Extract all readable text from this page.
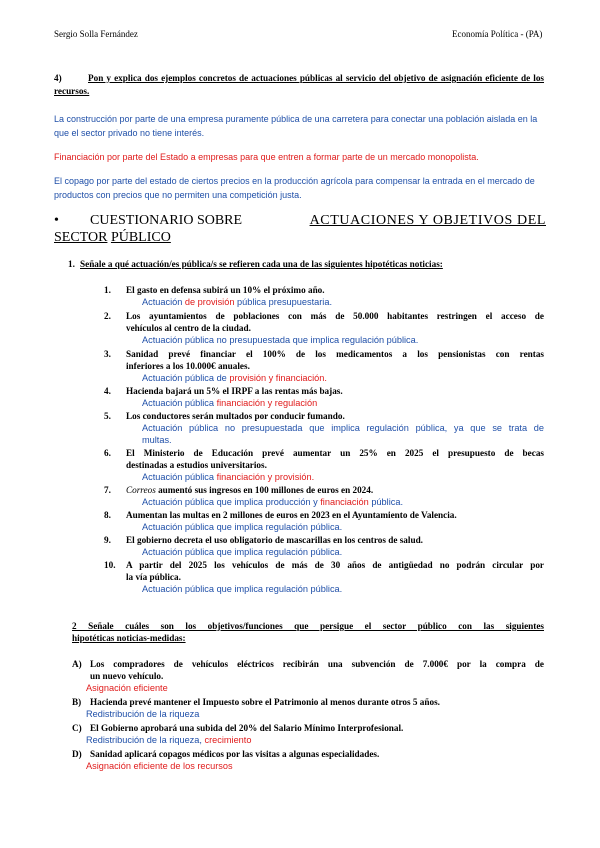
Sergio Solla Fernández	Economía Política - (PA)
4)	Pon y explica dos ejemplos concretos de actuaciones públicas al servicio del objetivo de asignación eficiente de los recursos.
La construcción por parte de una empresa puramente pública de una carretera para conectar una población aislada en la que el sector privado no tiene interés.
Financiación por parte del Estado a empresas para que entren a formar parte de un mercado monopolista.
El copago por parte del estado de ciertos precios en la producción agrícola para compensar la entrada en el mercado de productos con precios que no permiten una competición justa.
•	CUESTIONARIO SOBRE	ACTUACIONES Y OBJETIVOS DEL
SECTOR PÚBLICO
1. Señale a qué actuación/es pública/s se refieren cada una de las siguientes hipotéticas noticias:
1. El gasto en defensa subirá un 10% el próximo año.
Actuación de provisión pública presupuestaria.
2.	Los ayuntamientos de poblaciones con más de 50.000 habitantes restringen el acceso de
vehículos al centro de la ciudad.
Actuación pública no presupuestada que implica regulación pública.
3.	Sanidad prevé financiar el 100% de los medicamentos a los pensionistas con rentas
inferiores a los 10.000€ anuales.
Actuación pública de provisión y financiación.
4. Hacienda bajará un 5% el IRPF a las rentas más bajas.
Actuación pública financiación y regulación
5. Los conductores serán multados por conducir fumando.
Actuación pública no presupuestada que implica regulación pública, ya que se trata de
multas.
6.	El Ministerio de Educación prevé aumentar un 25% en 2025 el presupuesto de becas
destinadas a estudios universitarios.
Actuación pública financiación y provisión.
7. Correos aumentó sus ingresos en 100 millones de euros en 2024.
Actuación pública que implica producción y financiación pública.
8. Aumentan las multas en 2 millones de euros en 2023 en el Ayuntamiento de Valencia.
Actuación pública que implica regulación pública.
9. El gobierno decreta el uso obligatorio de mascarillas en los centros de salud.
Actuación pública que implica regulación pública.
10.	A partir del 2025 los vehículos de más de 30 años de antigüedad no podrán circular por
la vía pública.
Actuación pública que implica regulación pública.
2 Señale cuáles son los objetivos/funciones que persigue el sector público con las siguientes
hipotéticas noticias-medidas:
A) Los compradores de vehículos eléctricos recibirán una subvención de 7.000€ por la compra de
un nuevo vehículo.
Asignación eficiente
B) Hacienda prevé mantener el Impuesto sobre el Patrimonio al menos durante otros 5 años.
Redistribución de la riqueza
C) El Gobierno aprobará una subida del 20% del Salario Mínimo Interprofesional.
Redistribución de la riqueza, crecimiento
D) Sanidad aplicará copagos médicos por las visitas a algunas especialidades.
Asignación eficiente de los recursos
